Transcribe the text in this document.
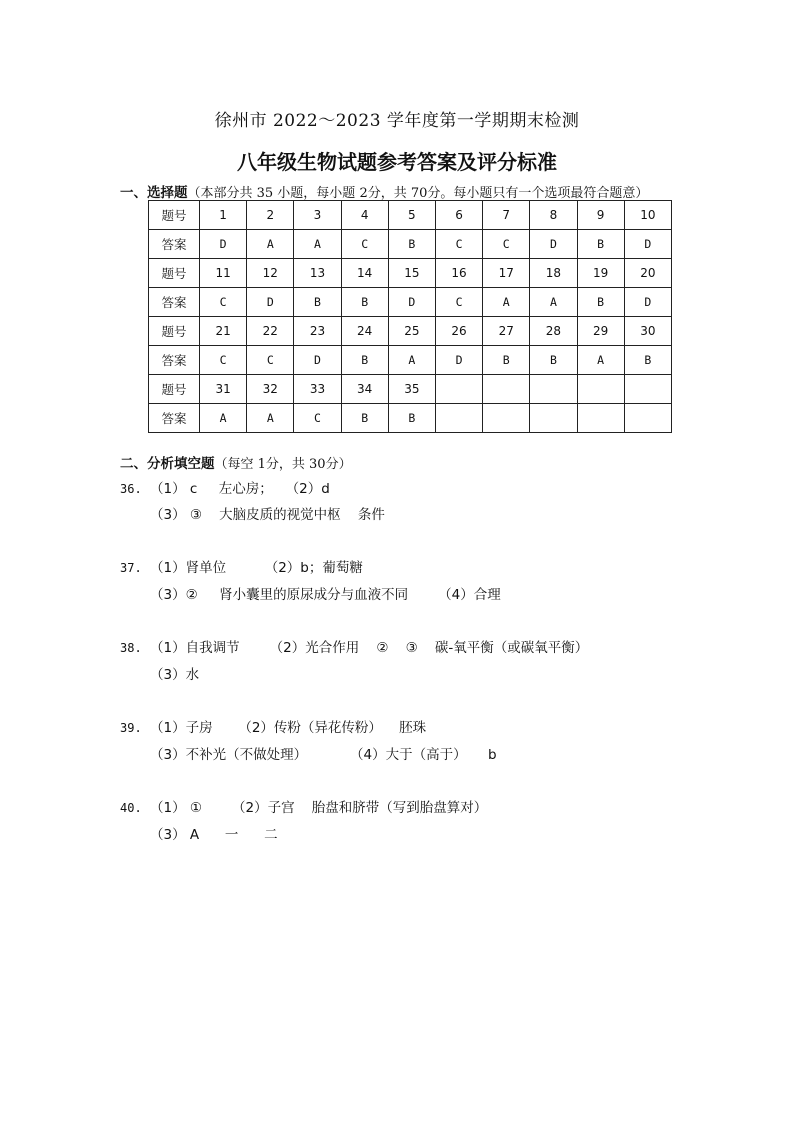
徐州市 2022～2023 学年度第一学期期末检测
八年级生物试题参考答案及评分标准
一、选择题（本部分共 35 小题，每小题 2分，共 70分。每小题只有一个选项最符合题意）
题号	1	2	3	4	5	6	7	8	9	10
答案	D	A	A	C	B	C	C	D	B	D
题号	11	12	13	14	15	16	17	18	19	20
答案	C	D	B	B	D	C	A	A	B	D
题号	21	22	23	24	25	26	27	28	29	30
答案	C	C	D	B	A	D	B	B	A	B
题号	31	32	33	34	35					
答案	A	A	C	B	B					
二、分析填空题（每空 1分，共 30分）
36. （1） c     左心房；   （2）d
（3） ③    大脑皮质的视觉中枢    条件
37. （1）肾单位         （2）b；葡萄糖
（3）②     肾小囊里的原尿成分与血液不同       （4）合理
38. （1）自我调节       （2）光合作用    ②    ③    碳-氧平衡（或碳氧平衡）
（3）水
39. （1）子房      （2）传粉（异花传粉）    胚珠
（3）不补光（不做处理）          （4）大于（高于）     b
40. （1） ①       （2）子宫    胎盘和脐带（写到胎盘算对）
（3） A      一      二
